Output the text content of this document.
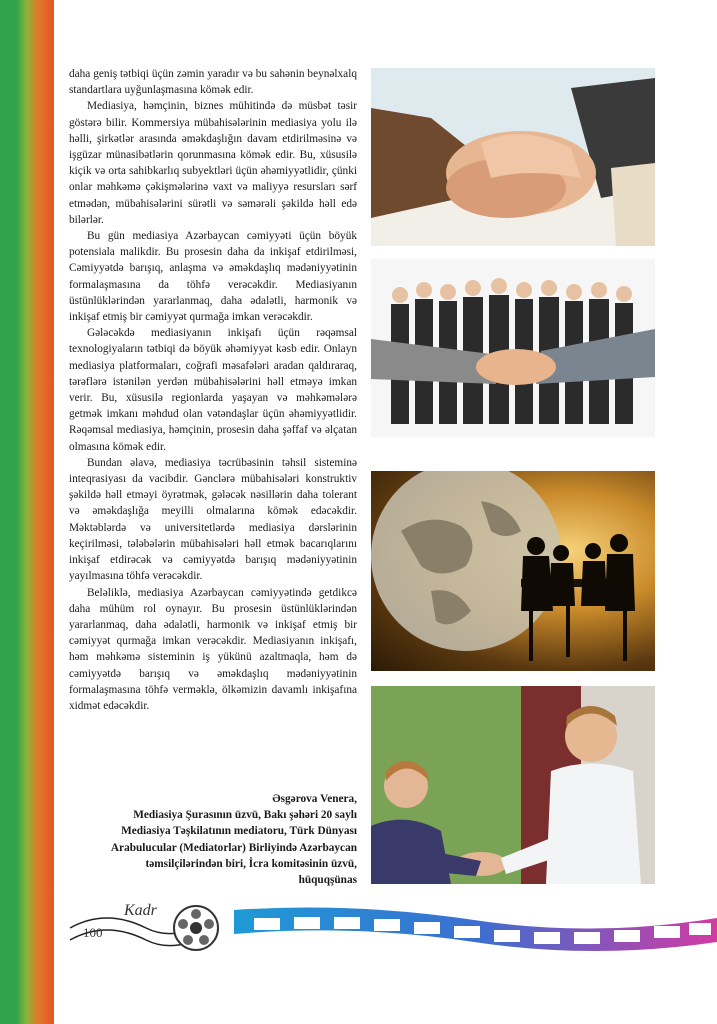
daha geniş tətbiqi üçün zəmin yaradır və bu sahənin beynəlxalq standartlara uyğunlaşmasına kömək edir.

Mediasiya, həmçinin, biznes mühitində də müsbət təsir göstərə bilir. Kommersiya mübahisələrinin mediasiya yolu ilə həlli, şirkətlər arasında əməkdaşlığın davam etdirilməsinə və işgüzar münasibətlərin qorunmasına kömək edir. Bu, xüsusilə kiçik və orta sahibkarlıq subyektləri üçün əhəmiyyətlidir, çünki onlar məhkəmə çəkişmələrinə vaxt və maliyyə resursları sərf etmədən, mübahisələrini sürətli və səmərəli şəkildə həll edə bilərlər.

Bu gün mediasiya Azərbaycan cəmiyyəti üçün böyük potensiala malikdir. Bu prosesin daha da inkişaf etdirilməsi, Cəmiyyətdə barışıq, anlaşma və əməkdaşlıq mədəniyyətinin formalaşmasına da töhfə verəcəkdir. Mediasiyanın üstünlüklərindən yararlanmaq, daha ədalətli, harmonik və inkişaf etmiş bir cəmiyyət qurmağa imkan verəcəkdir.

Gələcəkdə mediasiyanın inkişafı üçün rəqəmsal texnologiyaların tətbiqi də böyük əhəmiyyət kəsb edir. Onlayn mediasiya platformaları, coğrafi məsafələri aradan qaldıraraq, tərəflərə istənilən yerdən mübahisələrini həll etməyə imkan verir. Bu, xüsusilə regionlarda yaşayan və məhkəmələrə getmək imkanı məhdud olan vətəndaşlar üçün əhəmiyyətlidir. Rəqəmsal mediasiya, həmçinin, prosesin daha şəffaf və əlçatan olmasına kömək edir.

Bundan əlavə, mediasiya təcrübəsinin təhsil sisteminə inteqrasiyası da vacibdir. Gənclərə mübahisələri konstruktiv şəkildə həll etməyi öyrətmək, gələcək nəsillərin daha tolerant və əməkdaşlığa meyilli olmalarına kömək edəcəkdir. Məktəblərdə və universitetlərdə mediasiya dərslərinin keçirilməsi, tələbələrin mübahisələri həll etmək bacarıqlarını inkişaf etdirəcək və cəmiyyətdə barışıq mədəniyyətinin yayılmasına töhfə verəcəkdir.

Beləliklə, mediasiya Azərbaycan cəmiyyətində getdikcə daha mühüm rol oynayır. Bu prosesin üstünlüklərindən yararlanmaq, daha ədalətli, harmonik və inkişaf etmiş bir cəmiyyət qurmağa imkan verəcəkdir. Mediasiyanın inkişafı, həm məhkəmə sisteminin iş yükünü azaltmaqla, həm də cəmiyyətdə barışıq və əməkdaşlıq mədəniyyətinin formalaşmasına töhfə verməklə, ölkəmizin davamlı inkişafına xidmət edəcəkdir.

Əsgərova Venera,
Mediasiya Şurasının üzvü, Bakı şəhəri 20 saylı
Mediasiya Təşkilatının mediatoru, Türk Dünyası
Arabulucular (Mediatorlar) Birliyində Azərbaycan təmsilçilərindən biri, İcra komitəsinin üzvü,
hüquqşünas
Kadr
100
